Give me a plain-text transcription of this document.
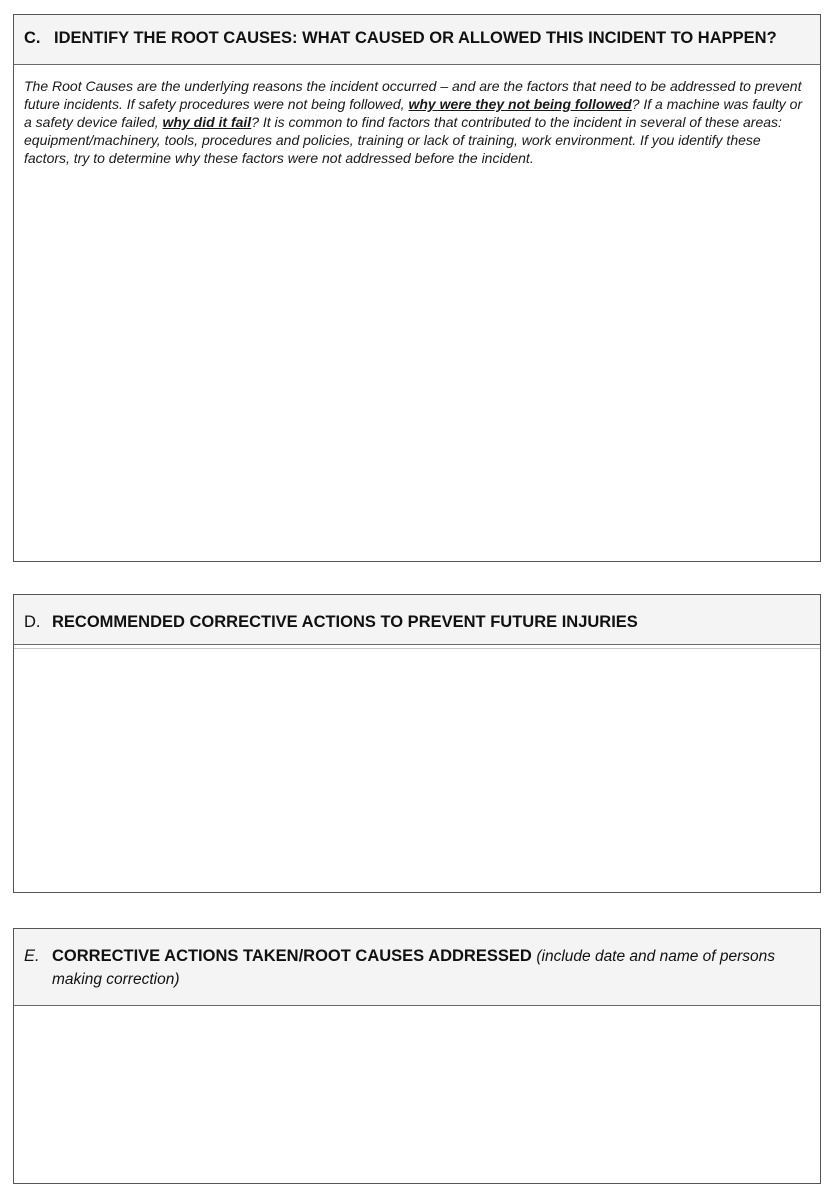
C. IDENTIFY THE ROOT CAUSES: WHAT CAUSED OR ALLOWED THIS INCIDENT TO HAPPEN?
The Root Causes are the underlying reasons the incident occurred – and are the factors that need to be addressed to prevent future incidents. If safety procedures were not being followed, why were they not being followed? If a machine was faulty or a safety device failed, why did it fail? It is common to find factors that contributed to the incident in several of these areas: equipment/machinery, tools, procedures and policies, training or lack of training, work environment. If you identify these factors, try to determine why these factors were not addressed before the incident.
D. RECOMMENDED CORRECTIVE ACTIONS TO PREVENT FUTURE INJURIES
E. CORRECTIVE ACTIONS TAKEN/ROOT CAUSES ADDRESSED (include date and name of persons making correction)
